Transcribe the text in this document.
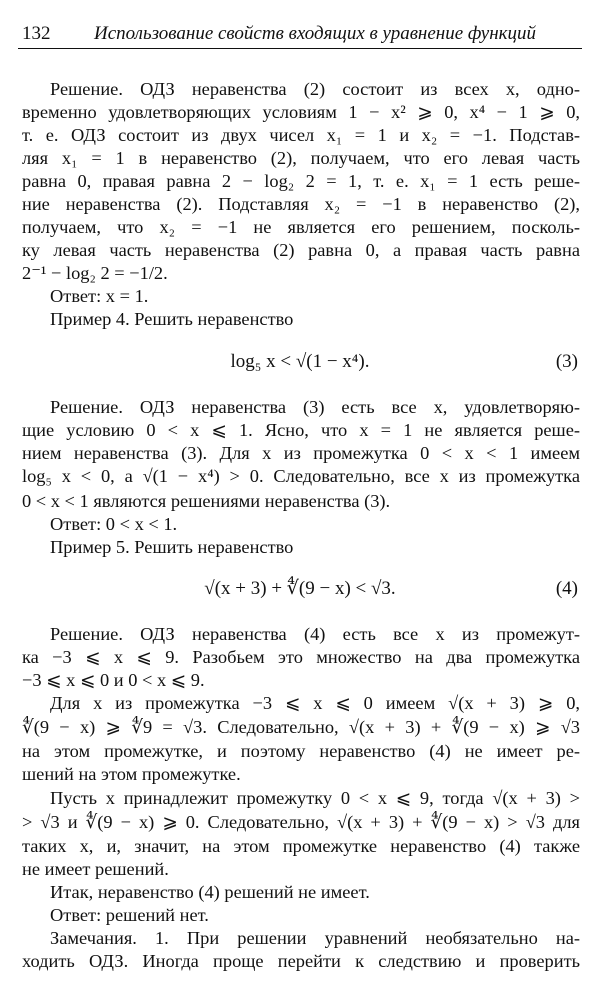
132 Использование свойств входящих в уравнение функций
Решение. ОДЗ неравенства (2) состоит из всех x, одно-
временно удовлетворяющих условиям 1 − x² ⩾ 0, x⁴ − 1 ⩾ 0,
т. е. ОДЗ состоит из двух чисел x₁ = 1 и x₂ = −1. Подстав-
ляя x₁ = 1 в неравенство (2), получаем, что его левая часть
равна 0, правая равна 2 − log₂ 2 = 1, т. е. x₁ = 1 есть реше-
ние неравенства (2). Подставляя x₂ = −1 в неравенство (2),
получаем, что x₂ = −1 не является его решением, посколь-
ку левая часть неравенства (2) равна 0, а правая часть равна
2⁻¹ − log₂ 2 = −1/2.
Ответ: x = 1.
Пример 4. Решить неравенство
log₅ x < √(1 − x⁴).	(3)
Решение. ОДЗ неравенства (3) есть все x, удовлетворяю-
щие условию 0 < x ⩽ 1. Ясно, что x = 1 не является реше-
нием неравенства (3). Для x из промежутка 0 < x < 1 имеем
log₅ x < 0, а √(1 − x⁴) > 0. Следовательно, все x из промежутка
0 < x < 1 являются решениями неравенства (3).
Ответ: 0 < x < 1.
Пример 5. Решить неравенство
√(x + 3) + ∜(9 − x) < √3.	(4)
Решение. ОДЗ неравенства (4) есть все x из промежут-
ка −3 ⩽ x ⩽ 9. Разобьем это множество на два промежутка
−3 ⩽ x ⩽ 0 и 0 < x ⩽ 9.
Для x из промежутка −3 ⩽ x ⩽ 0 имеем √(x + 3) ⩾ 0,
∜(9 − x) ⩾ ∜9 = √3. Следовательно, √(x + 3) + ∜(9 − x) ⩾ √3
на этом промежутке, и поэтому неравенство (4) не имеет ре-
шений на этом промежутке.
Пусть x принадлежит промежутку 0 < x ⩽ 9, тогда √(x + 3) >
> √3 и ∜(9 − x) ⩾ 0. Следовательно, √(x + 3) + ∜(9 − x) > √3 для
таких x, и, значит, на этом промежутке неравенство (4) также
не имеет решений.
Итак, неравенство (4) решений не имеет.
Ответ: решений нет.
Замечания. 1. При решении уравнений необязательно на-
ходить ОДЗ. Иногда проще перейти к следствию и проверить
